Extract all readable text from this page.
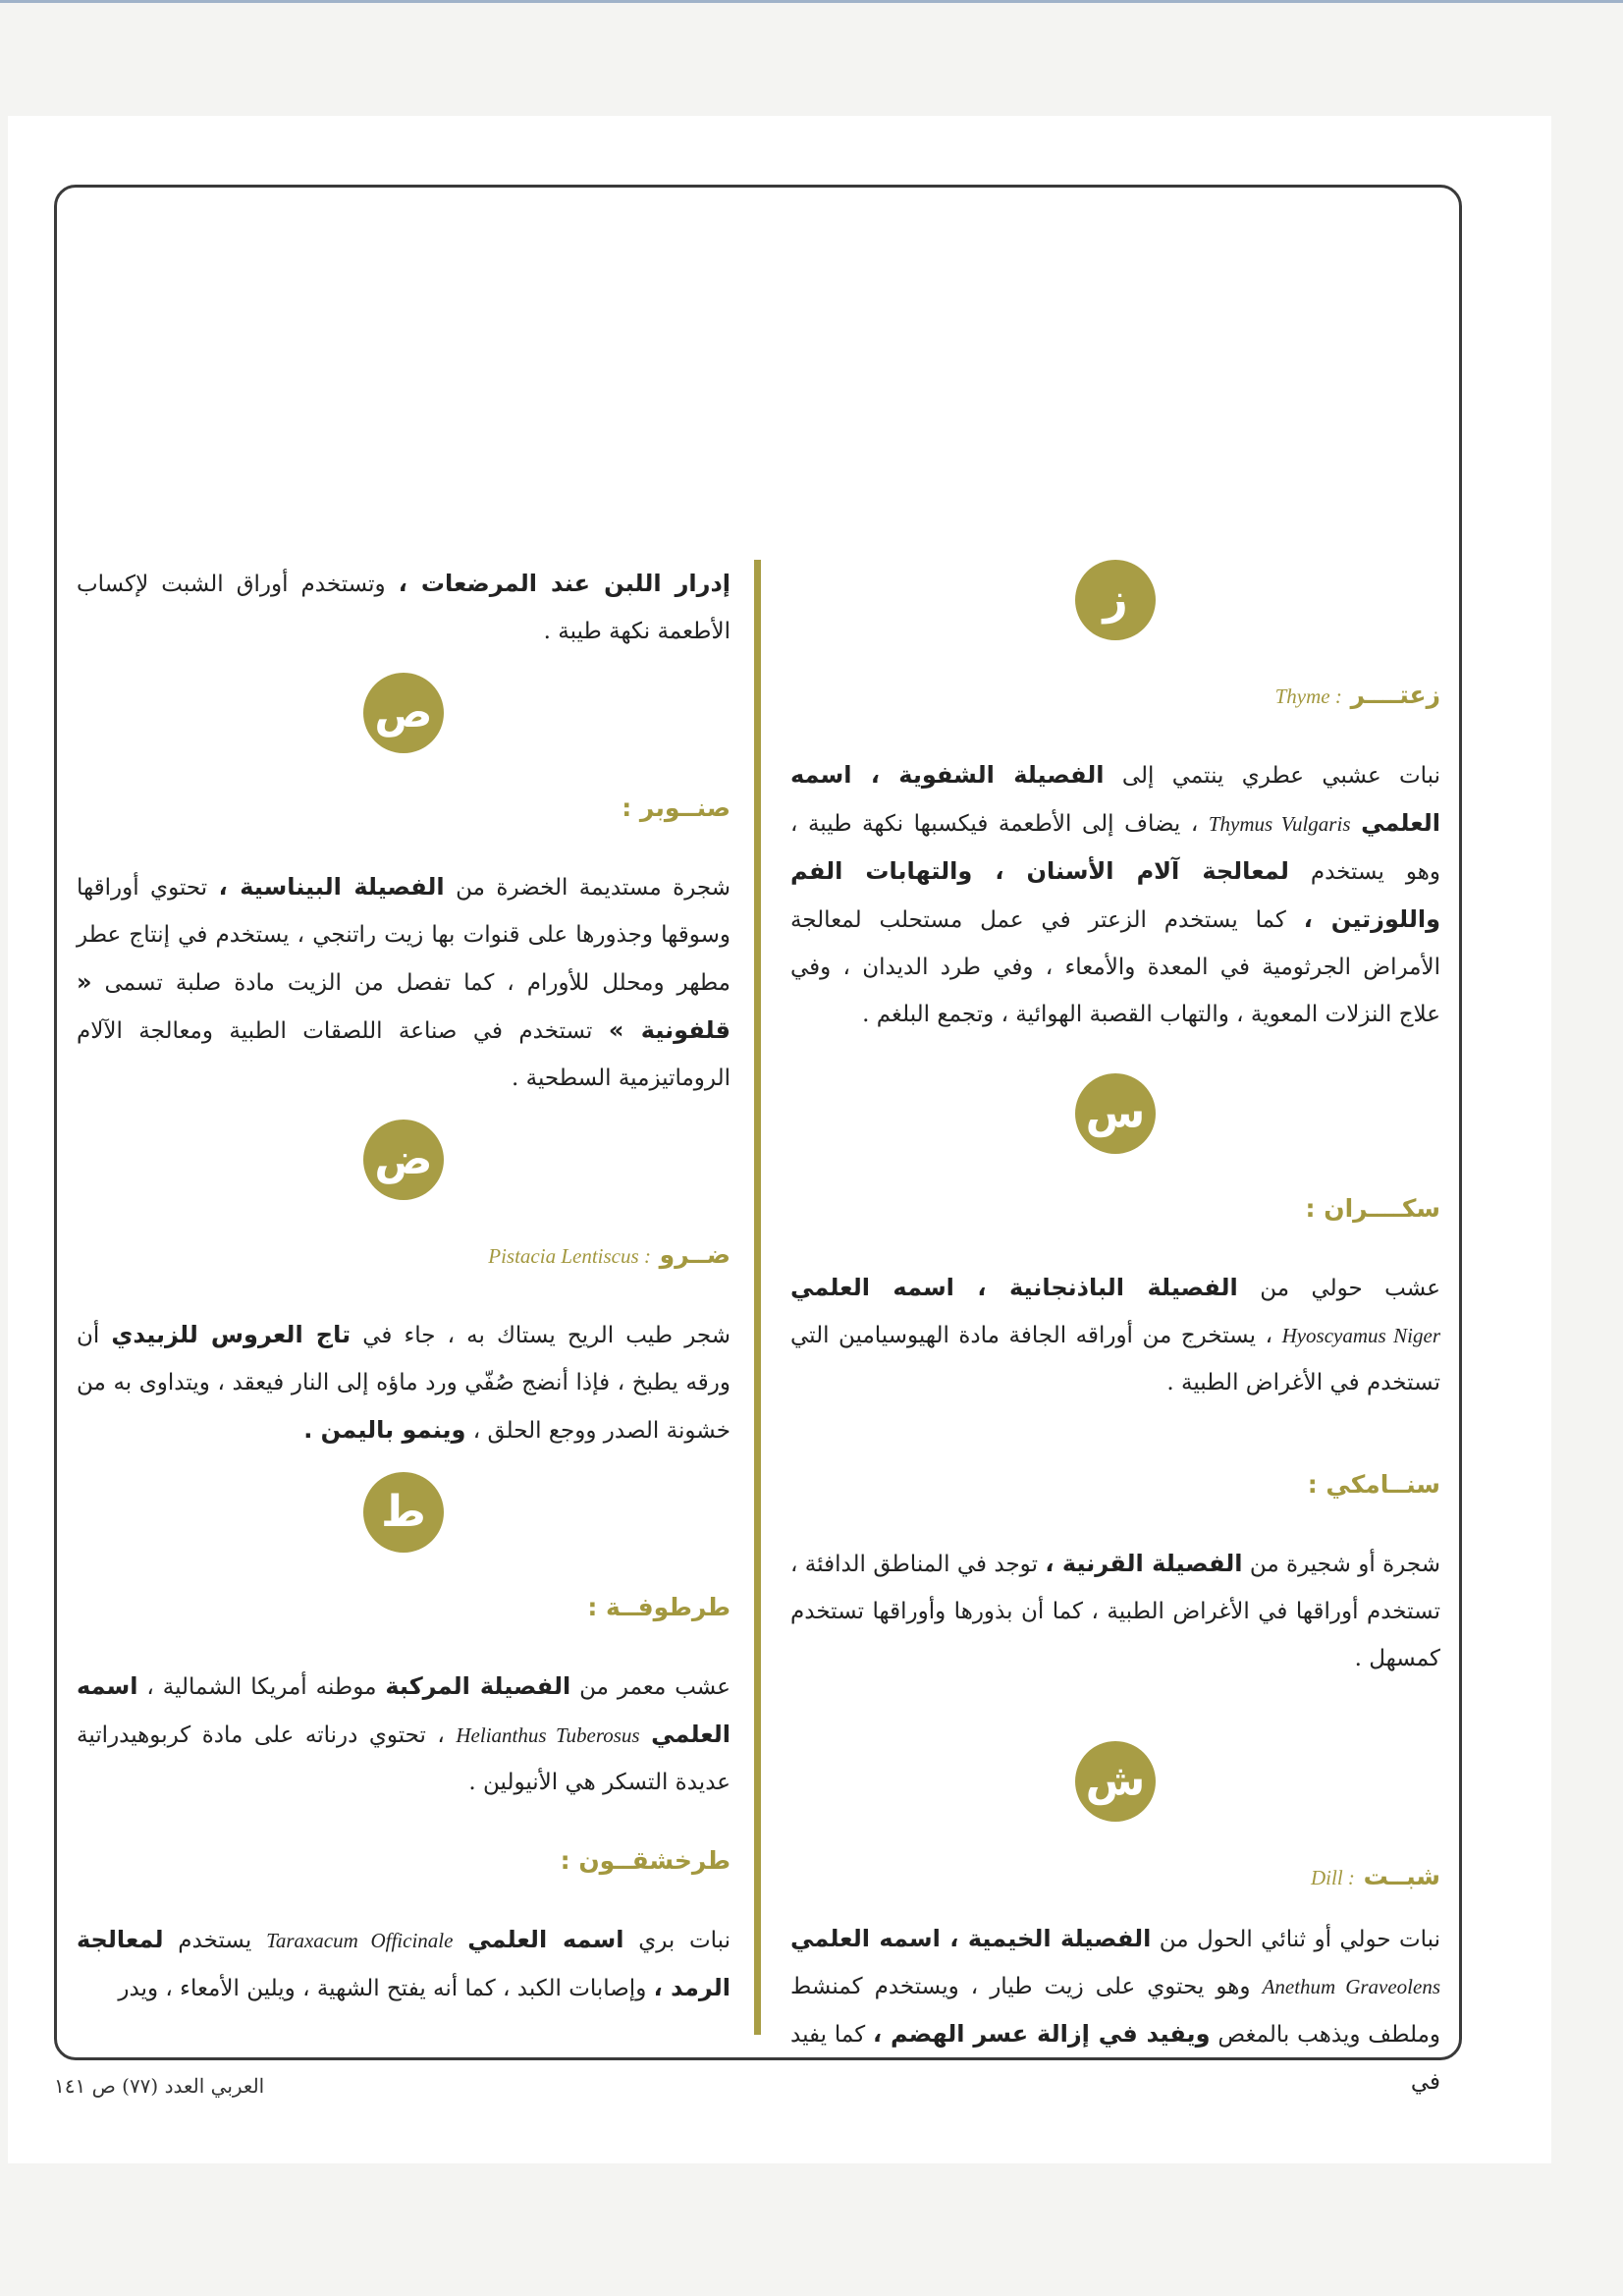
ز

زعتــــر : Thyme

نبات عشبي عطري ينتمي إلى الفصيلة الشفوية ، اسمه العلمي Thymus Vulgaris ، يضاف إلى الأطعمة فيكسبها نكهة طيبة ، وهو يستخدم لمعالجة آلام الأسنان ، والتهابات الفم واللوزتين ، كما يستخدم الزعتر في عمل مستحلب لمعالجة الأمراض الجرثومية في المعدة والأمعاء ، وفي طرد الديدان ، وفي علاج النزلات المعوية ، والتهاب القصبة الهوائية ، وتجمع البلغم .

س

سكــــران :

عشب حولي من الفصيلة الباذنجانية ، اسمه العلمي Hyoscyamus Niger ، يستخرج من أوراقه الجافة مادة الهيوسيامين التي تستخدم في الأغراض الطبية .

سنــامكي :

شجرة أو شجيرة من الفصيلة القرنية ، توجد في المناطق الدافئة ، تستخدم أوراقها في الأغراض الطبية ، كما أن بذورها وأوراقها تستخدم كمسهل .

ش

شبــت : Dill

نبات حولي أو ثنائي الحول من الفصيلة الخيمية ، اسمه العلمي Anethum Graveolens وهو يحتوي على زيت طيار ، ويستخدم كمنشط وملطف ويذهب بالمغص ويفيد في إزالة عسر الهضم ، كما يفيد في

إدرار اللبن عند المرضعات ، وتستخدم أوراق الشبت لإكساب الأطعمة نكهة طيبة .

ص

صنــوبر :

شجرة مستديمة الخضرة من الفصيلة البيناسية ، تحتوي أوراقها وسوقها وجذورها على قنوات بها زيت راتنجي ، يستخدم في إنتاج عطر مطهر ومحلل للأورام ، كما تفصل من الزيت مادة صلبة تسمى « قلفونية » تستخدم في صناعة اللصقات الطبية ومعالجة الآلام الروماتيزمية السطحية .

ض

ضــرو : Pistacia Lentiscus

شجر طيب الريح يستاك به ، جاء في تاج العروس للزبيدي أن ورقه يطبخ ، فإذا أنضج صُفّي ورد ماؤه إلى النار فيعقد ، ويتداوى به من خشونة الصدر ووجع الحلق ، وينمو باليمن .

ط

طرطوفــة :

عشب معمر من الفصيلة المركبة موطنه أمريكا الشمالية ، اسمه العلمي Helianthus Tuberosus ، تحتوي درناته على مادة كربوهيدراتية عديدة التسكر هي الأنيولين .

طرخشقــون :

نبات بري اسمه العلمي Taraxacum Officinale يستخدم لمعالجة الرمد ، وإصابات الكبد ، كما أنه يفتح الشهية ، ويلين الأمعاء ، ويدر

العربي العدد (٧٧) ص ١٤١
